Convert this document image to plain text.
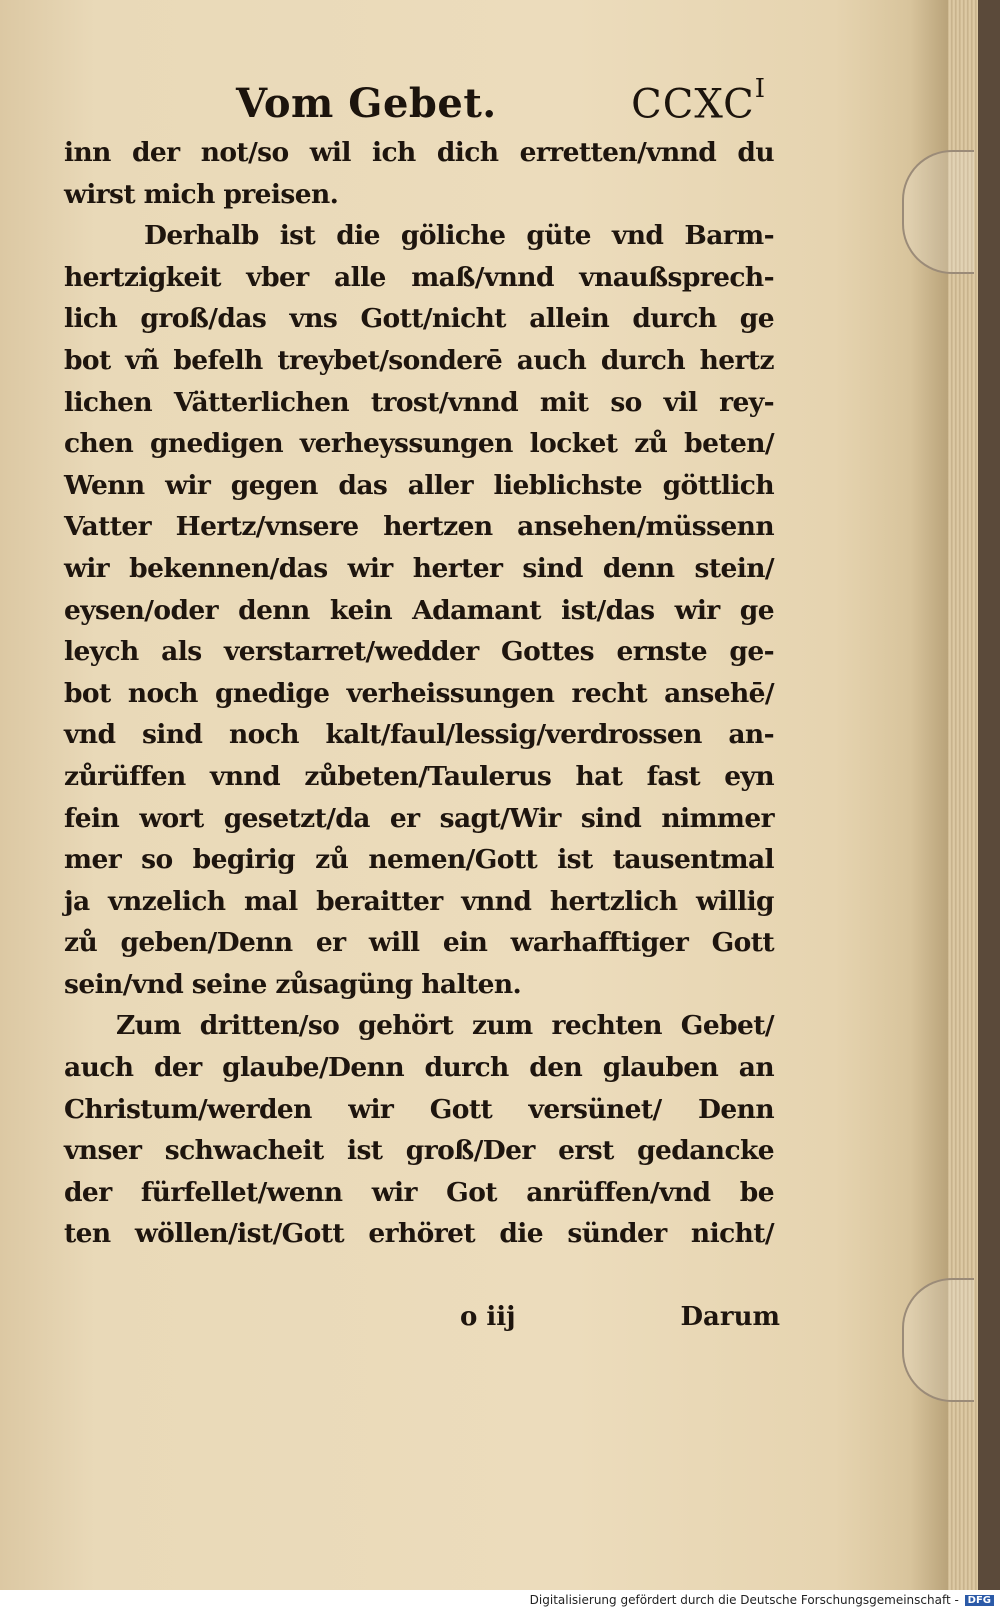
Vom Gebet.	$CCXC^I$
inn der not/so wil ich dich erretten/vnnd du
wirst mich preisen.
Derhalb ist die göliche güte vnd Barm-
hertzigkeit vber alle maß/vnnd vnaußsprech-
lich groß/das vns Gott/nicht allein durch ge
bot vñ befelh treybet/sonderē auch durch hertz
lichen Vätterlichen trost/vnnd mit so vil rey-
chen gnedigen verheyssungen locket zů beten/
Wenn wir gegen das aller lieblichste göttlich
Vatter Hertz/vnsere hertzen ansehen/müssenn
wir bekennen/das wir herter sind denn stein/
eysen/oder denn kein Adamant ist/das wir ge
leych als verstarret/wedder Gottes ernste ge-
bot noch gnedige verheissungen recht ansehē/
vnd sind noch kalt/faul/lessig/verdrossen an-
zůrüffen vnnd zůbeten/Taulerus hat fast eyn
fein wort gesetzt/da er sagt/Wir sind nimmer
mer so begirig zů nemen/Gott ist tausentmal
ja vnzelich mal beraitter vnnd hertzlich willig
zů geben/Denn er will ein warhafftiger Gott
sein/vnd seine zůsagüng halten.
Zum dritten/so gehört zum rechten Gebet/
auch der glaube/Denn durch den glauben an
Christum/werden wir Gott versünet/ Denn
vnser schwacheit ist groß/Der erst gedancke
der fürfellet/wenn wir Got anrüffen/vnd be
ten wöllen/ist/Gott erhöret die sünder nicht/
o iij	Darum
Digitalisierung gefördert durch die Deutsche Forschungsgemeinschaft - DFG
